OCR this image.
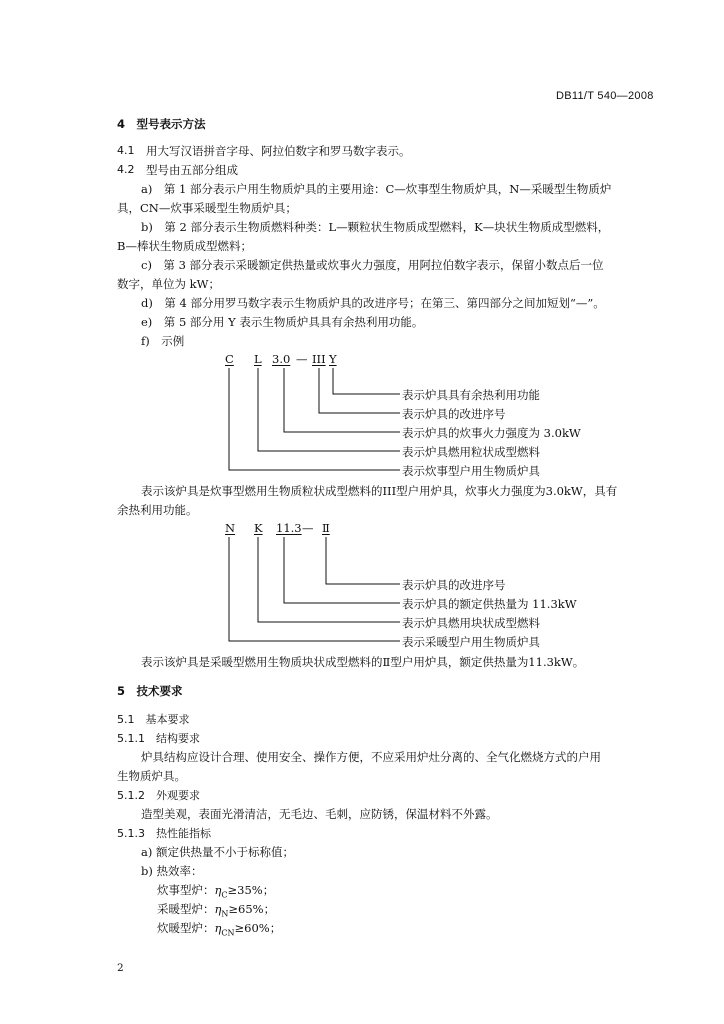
DB11/T 540—2008
4　型号表示方法
4.1 用大写汉语拼音字母、阿拉伯数字和罗马数字表示。
4.2 型号由五部分组成
a)　第 1 部分表示户用生物质炉具的主要用途：C—炊事型生物质炉具，N—采暖型生物质炉
具，CN—炊事采暖型生物质炉具；
b)　第 2 部分表示生物质燃料种类：L—颗粒状生物质成型燃料，K—块状生物质成型燃料，
B—棒状生物质成型燃料；
c)　第 3 部分表示采暖额定供热量或炊事火力强度，用阿拉伯数字表示，保留小数点后一位
数字，单位为 kW；
d)　第 4 部分用罗马数字表示生物质炉具的改进序号；在第三、第四部分之间加短划“—”。
e)　第 5 部分用 Y 表示生物质炉具具有余热利用功能。
f)　示例
C L 3.0 — III Y
表示炉具具有余热利用功能
表示炉具的改进序号
表示炉具的炊事火力强度为 3.0kW
表示炉具燃用粒状成型燃料
表示炊事型户用生物质炉具
表示该炉具是炊事型燃用生物质粒状成型燃料的III型户用炉具，炊事火力强度为3.0kW，具有
余热利用功能。
N K 11.3 — Ⅱ
表示炉具的改进序号
表示炉具的额定供热量为 11.3kW
表示炉具燃用块状成型燃料
表示采暖型户用生物质炉具
表示该炉具是采暖型燃用生物质块状成型燃料的Ⅱ型户用炉具，额定供热量为11.3kW。
5　技术要求
5.1　基本要求
5.1.1　结构要求
炉具结构应设计合理、使用安全、操作方便，不应采用炉灶分离的、全气化燃烧方式的户用
生物质炉具。
5.1.2　外观要求
造型美观，表面光滑清洁，无毛边、毛刺，应防锈，保温材料不外露。
5.1.3　热性能指标
a) 额定供热量不小于标称值；
b) 热效率：
炊事型炉：$\eta_C\ge 35\%$；
采暖型炉：$\eta_N\ge 65\%$；
炊暖型炉：$\eta_{CN}\ge 60\%$；
2
